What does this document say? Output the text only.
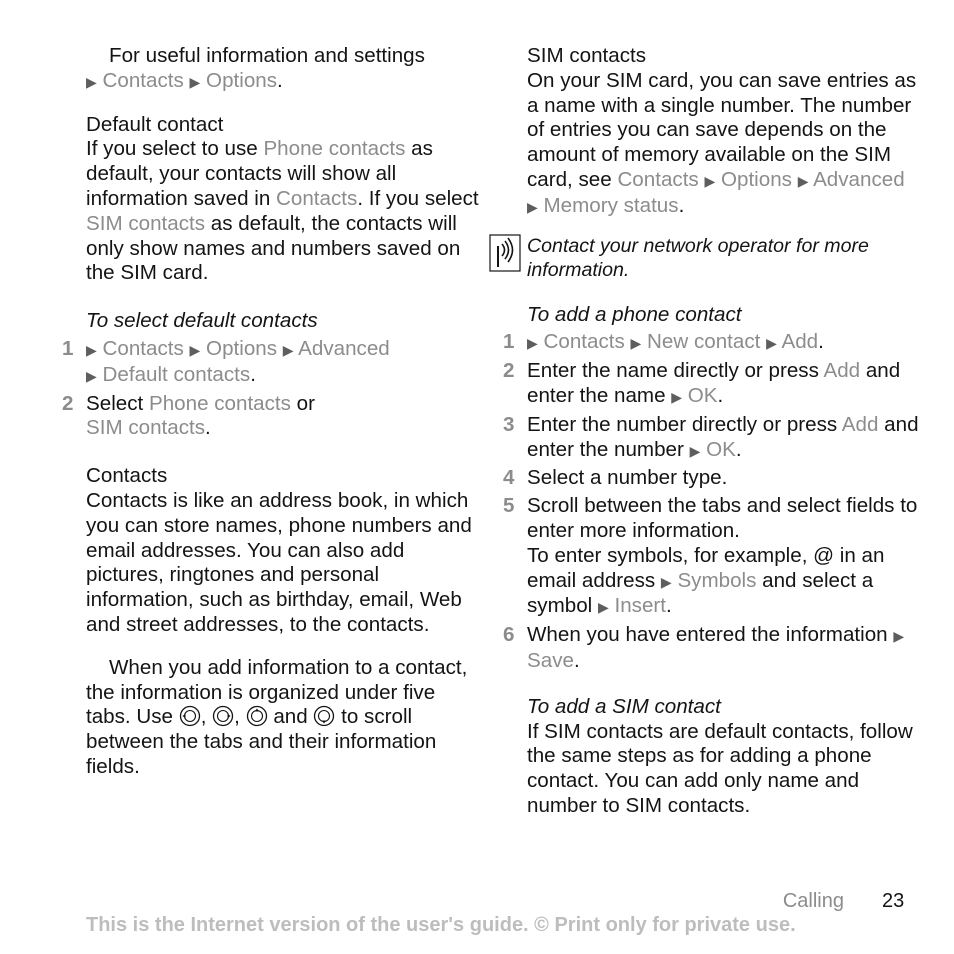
For useful information and settings
▶ Contacts ▶ Options.

Default contact

If you select to use Phone contacts as default, your contacts will show all information saved in Contacts. If you select SIM contacts as default, the contacts will only show names and numbers saved on the SIM card.

To select default contacts

1 ▶ Contacts ▶ Options ▶ Advanced
▶ Default contacts.
2 Select Phone contacts or
SIM contacts.

Contacts

Contacts is like an address book, in which you can store names, phone numbers and email addresses. You can also add pictures, ringtones and personal information, such as birthday, email, Web and street addresses, to the contacts.

When you add information to a contact, the information is organized under five tabs. Use , ,  and  to scroll between the tabs and their information fields.

SIM contacts

On your SIM card, you can save entries as a name with a single number. The number of entries you can save depends on the amount of memory available on the SIM card, see Contacts ▶ Options ▶ Advanced
▶ Memory status.

Contact your network operator for more information.

To add a phone contact

1 ▶ Contacts ▶ New contact ▶ Add.
2 Enter the name directly or press Add and enter the name ▶ OK.
3 Enter the number directly or press Add and enter the number ▶ OK.
4 Select a number type.
5 Scroll between the tabs and select fields to enter more information.
To enter symbols, for example, @ in an email address ▶ Symbols and select a symbol ▶ Insert.
6 When you have entered the information ▶ Save.

To add a SIM contact

If SIM contacts are default contacts, follow the same steps as for adding a phone contact. You can add only name and number to SIM contacts.

Calling 23
This is the Internet version of the user's guide. © Print only for private use.
